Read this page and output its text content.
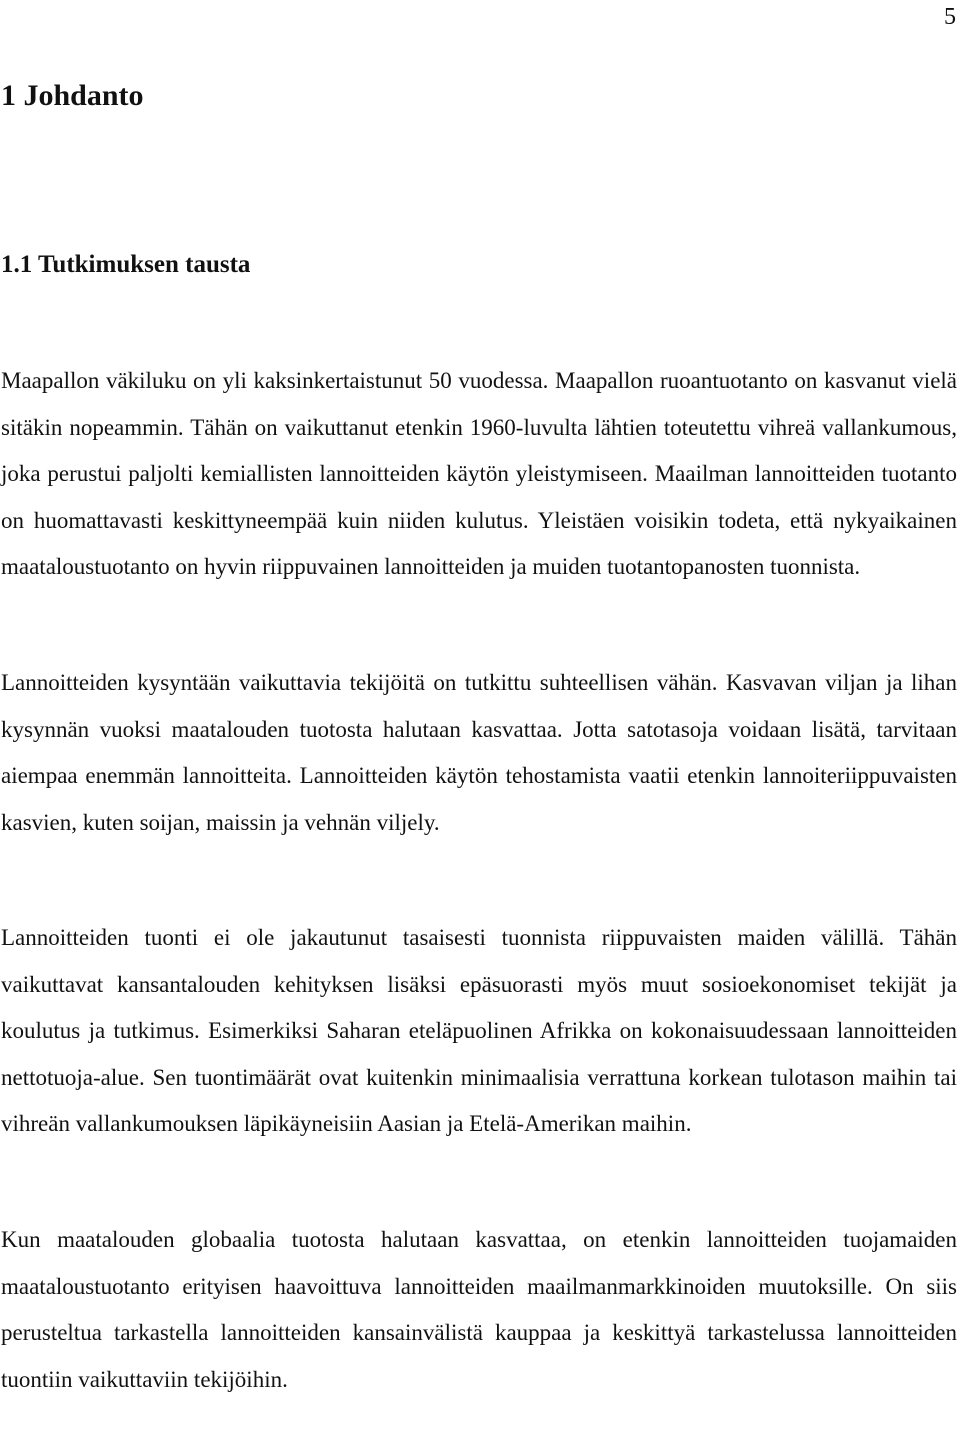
5
1 Johdanto
1.1 Tutkimuksen tausta

Maapallon väkiluku on yli kaksinkertaistunut 50 vuodessa. Maapallon ruoantuotanto on kasvanut vielä sitäkin nopeammin. Tähän on vaikuttanut etenkin 1960-luvulta lähtien toteutettu vihreä vallankumous, joka perustui paljolti kemiallisten lannoitteiden käytön yleistymiseen. Maailman lannoitteiden tuotanto on huomattavasti keskittyneempää kuin niiden kulutus. Yleistäen voisikin todeta, että nykyaikainen maataloustuotanto on hyvin riippuvainen lannoitteiden ja muiden tuotantopanosten tuonnista.

Lannoitteiden kysyntään vaikuttavia tekijöitä on tutkittu suhteellisen vähän. Kasvavan viljan ja lihan kysynnän vuoksi maatalouden tuotosta halutaan kasvattaa. Jotta satotasoja voidaan lisätä, tarvitaan aiempaa enemmän lannoitteita. Lannoitteiden käytön tehostamista vaatii etenkin lannoiteriippuvaisten kasvien, kuten soijan, maissin ja vehnän viljely.

Lannoitteiden tuonti ei ole jakautunut tasaisesti tuonnista riippuvaisten maiden välillä. Tähän vaikuttavat kansantalouden kehityksen lisäksi epäsuorasti myös muut sosioekonomiset tekijät ja koulutus ja tutkimus. Esimerkiksi Saharan eteläpuolinen Afrikka on kokonaisuudessaan lannoitteiden nettotuoja-alue. Sen tuontimäärät ovat kuitenkin minimaalisia verrattuna korkean tulotason maihin tai vihreän vallankumouksen läpikäyneisiin Aasian ja Etelä-Amerikan maihin.

Kun maatalouden globaalia tuotosta halutaan kasvattaa, on etenkin lannoitteiden tuojamaiden maataloustuotanto erityisen haavoittuva lannoitteiden maailmanmarkkinoiden muutoksille. On siis perusteltua tarkastella lannoitteiden kansainvälistä kauppaa ja keskittyä tarkastelussa lannoitteiden tuontiin vaikuttaviin tekijöihin.
